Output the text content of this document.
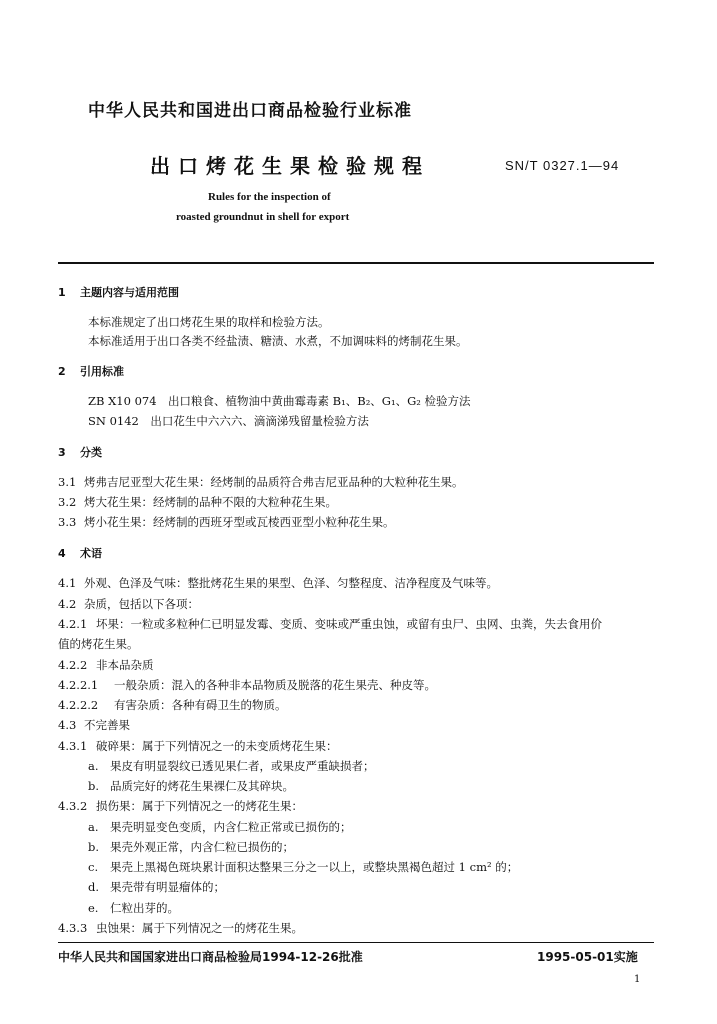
中华人民共和国进出口商品检验行业标准
出口烤花生果检验规程	SN/T 0327.1—94
Rules for the inspection of
roasted groundnut in shell for export
1 主题内容与适用范围
本标准规定了出口烤花生果的取样和检验方法。
本标准适用于出口各类不经盐渍、糖渍、水煮，不加调味料的烤制花生果。
2 引用标准
ZB X10 074　出口粮食、植物油中黄曲霉毒素 B₁、B₂、G₁、G₂ 检验方法
SN 0142　出口花生中六六六、滴滴涕残留量检验方法
3 分类
3.1 烤弗吉尼亚型大花生果：经烤制的品质符合弗吉尼亚品种的大粒种花生果。
3.2 烤大花生果：经烤制的品种不限的大粒种花生果。
3.3 烤小花生果：经烤制的西班牙型或瓦棱西亚型小粒种花生果。
4 术语
4.1 外观、色泽及气味：整批烤花生果的果型、色泽、匀整程度、洁净程度及气味等。
4.2 杂质，包括以下各项：
4.2.1 坏果：一粒或多粒种仁已明显发霉、变质、变味或严重虫蚀，或留有虫尸、虫网、虫粪，失去食用价
值的烤花生果。
4.2.2 非本品杂质
4.2.2.1 一般杂质：混入的各种非本品物质及脱落的花生果壳、种皮等。
4.2.2.2 有害杂质：各种有碍卫生的物质。
4.3 不完善果
4.3.1 破碎果：属于下列情况之一的未变质烤花生果：
a. 果皮有明显裂纹已透见果仁者，或果皮严重缺损者；
b. 品质完好的烤花生果裸仁及其碎块。
4.3.2 损伤果：属于下列情况之一的烤花生果：
a. 果壳明显变色变质，内含仁粒正常或已损伤的；
b. 果壳外观正常，内含仁粒已损伤的；
c. 果壳上黑褐色斑块累计面积达整果三分之一以上，或整块黑褐色超过 1 cm² 的；
d. 果壳带有明显瘤体的；
e. 仁粒出芽的。
4.3.3 虫蚀果：属于下列情况之一的烤花生果。
中华人民共和国国家进出口商品检验局1994-12-26批准	1995-05-01实施
1
